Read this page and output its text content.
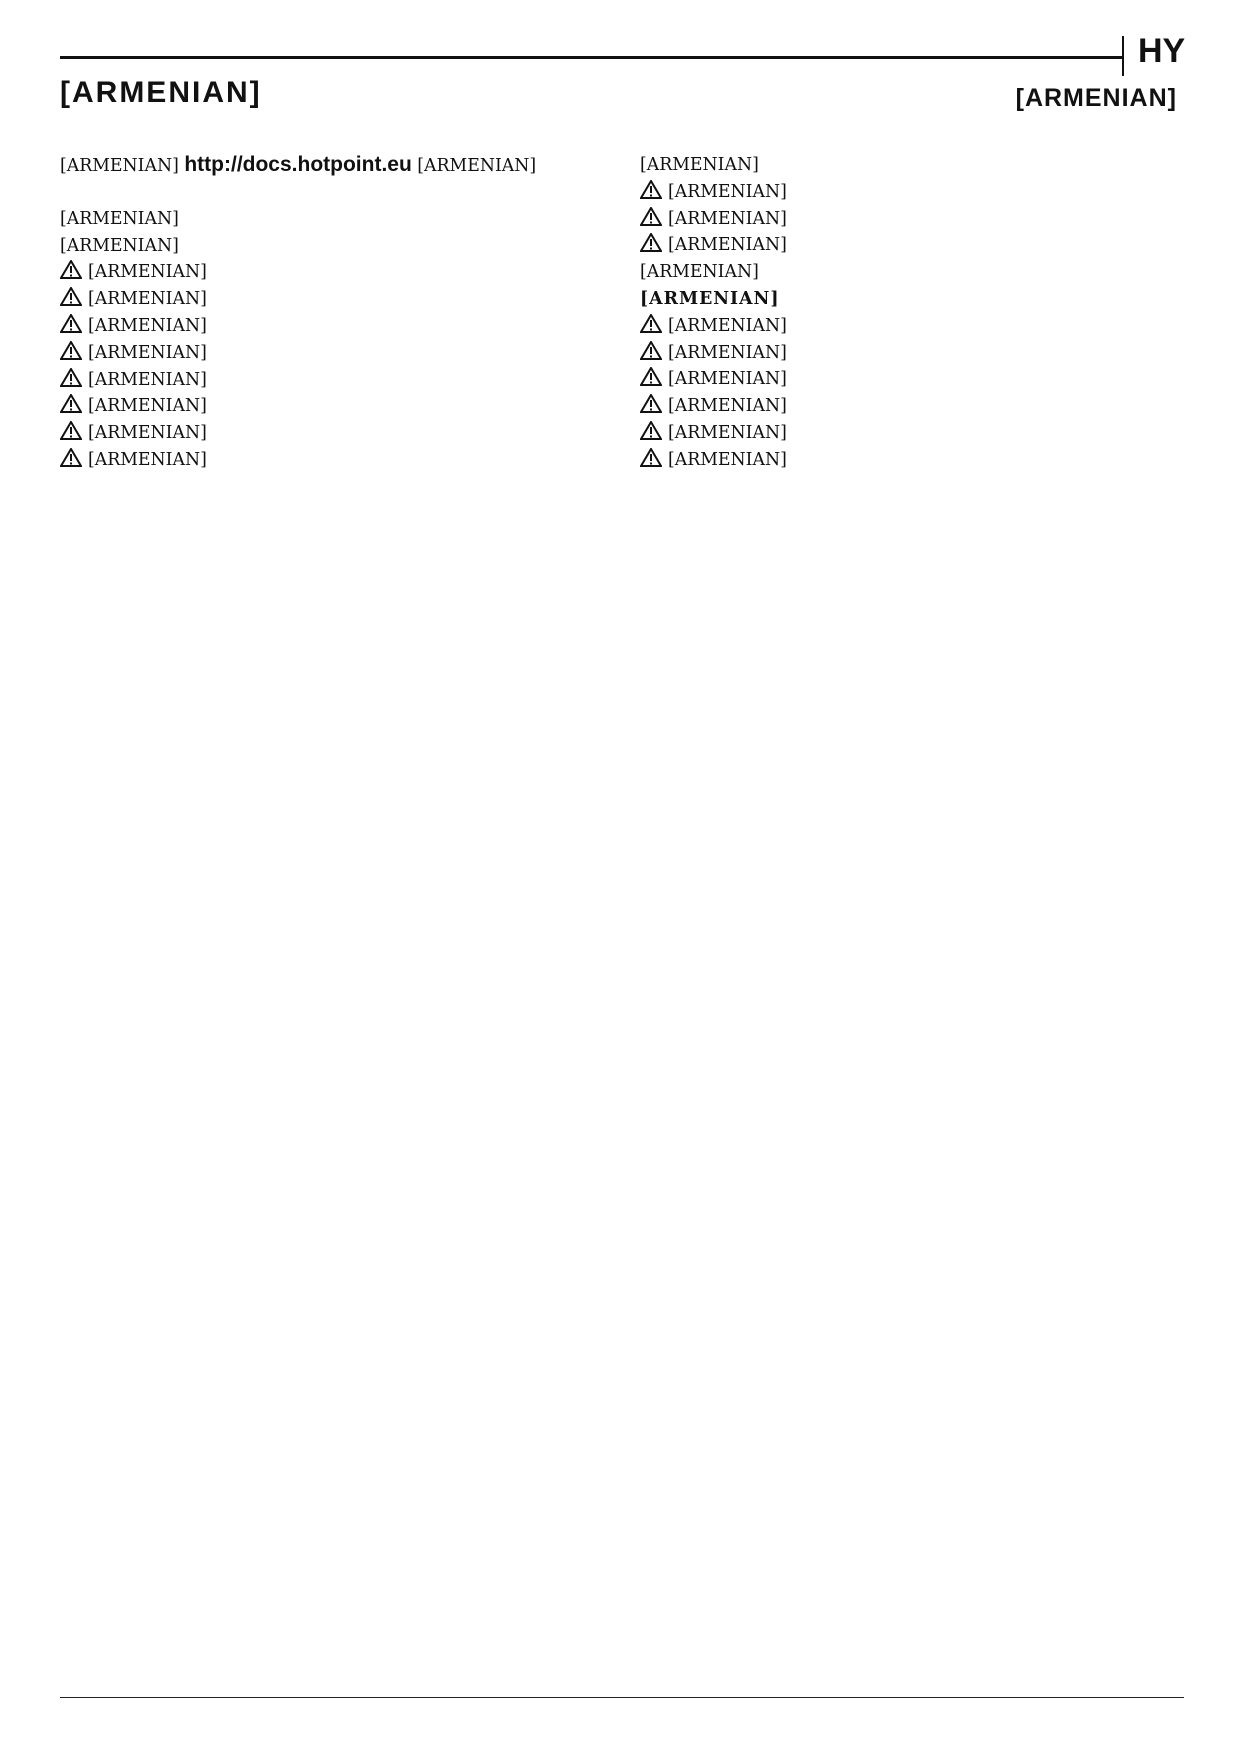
HY
[ARMENIAN]	[ARMENIAN]

[ARMENIAN] http://docs.hotpoint.eu [ARMENIAN]

[ARMENIAN]

[ARMENIAN]

[ARMENIAN]

[ARMENIAN]

[ARMENIAN]

[ARMENIAN]

[ARMENIAN]

[ARMENIAN]

[ARMENIAN]

[ARMENIAN]

[ARMENIAN]

[ARMENIAN]

[ARMENIAN]

[ARMENIAN]

[ARMENIAN]

[ARMENIAN]

[ARMENIAN]

[ARMENIAN]

[ARMENIAN]

[ARMENIAN]

[ARMENIAN]

[ARMENIAN]
